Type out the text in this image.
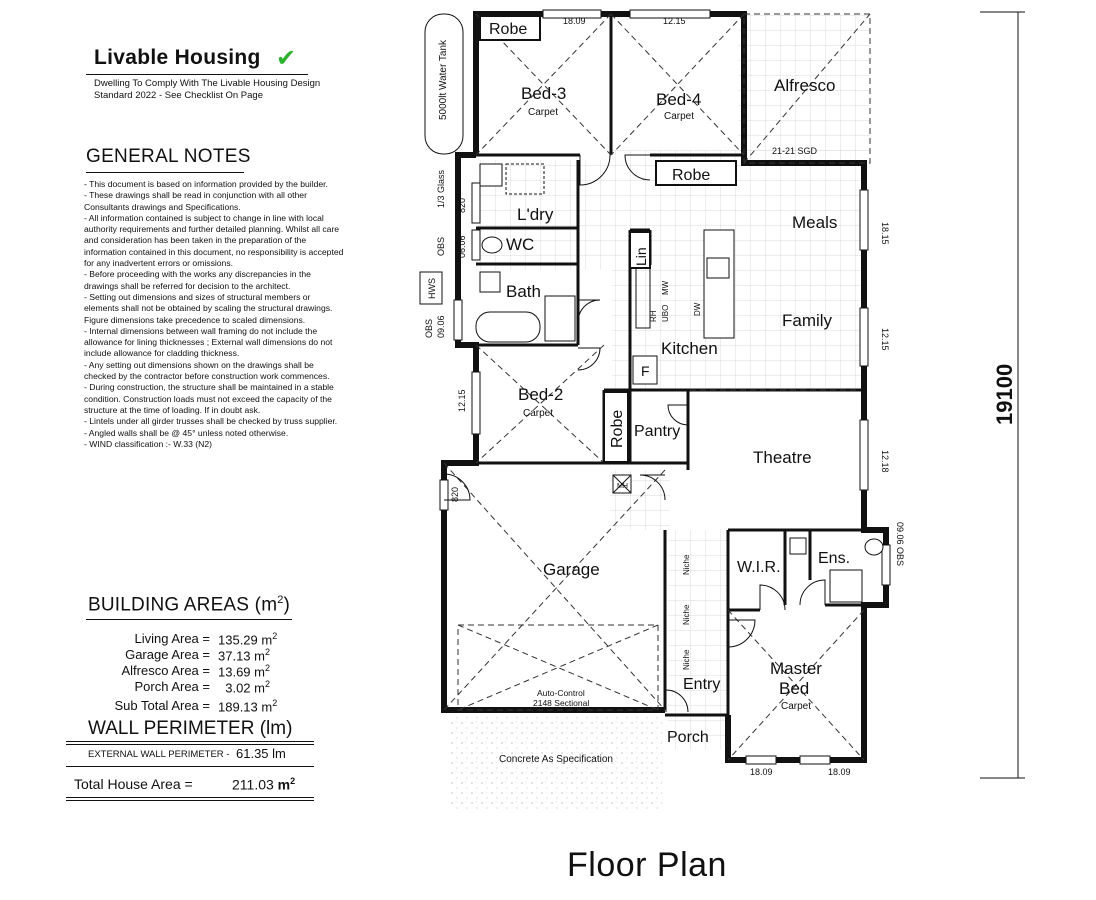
Livable Housing ✔
Dwelling To Comply With The Livable Housing Design Standard 2022 - See Checklist On Page
GENERAL NOTES
- This document is based on information provided by the builder.
- These drawings shall be read in conjunction with all other Consultants drawings and Specifications.
- All information contained is subject to change in line with local authority requirements and further detailed planning. Whilst all care and consideration has been taken in the preparation of the information contained in this document, no responsibility is accepted for any inadvertent errors or omissions.
- Before proceeding with the works any discrepancies in the drawings shall be referred for decision to the architect.
- Setting out dimensions and sizes of structural members or elements shall not be obtained by scaling the structural drawings. Figure dimensions take precedence to scaled dimensions.
- Internal dimensions between wall framing do not include the allowance for lining thicknesses ; External wall dimensions do not include allowance for cladding thickness.
- Any setting out dimensions shown on the drawings shall be checked by the contractor before construction work commences.
- During construction, the structure shall be maintained in a stable condition. Construction loads must not exceed the capacity of the structure at the time of loading. If in doubt ask.
- Lintels under all girder trusses shall be checked by truss supplier.
- Angled walls shall be @ 45° unless noted otherwise.
- WIND classification :- W.33 (N2)
BUILDING AREAS $(m^2)$
Living Area = 135.29 $m^2$
Garage Area = 37.13 $m^2$
Alfresco Area = 13.69 $m^2$
Porch Area =	3.02 $m^2$
Sub Total Area = 189.13 $m^2$
WALL PERIMETER (lm)
EXTERNAL WALL PERIMETER - 61.35 lm
Total House Area =	211.03 $m^2$
Robe
Bed-3
Carpet
Bed-4
Carpet
Robe
Alfresco
5000lt Water Tank
L'dry
WC
Bath
Lin
Meals
Family
Kitchen
F
Bed-2
Carpet	Robe Pantry
Theatre
Garage	W.I.R.
Ens.
Master
Bed
Carpet
Entry
Porch
Concrete As Specification
Auto-Control
2148 Sectional
HWS
Niche
Niche
Niche
18.09	12.15
21-21 SGD
18.15
12.15
12.18
09.06 OBS
12.15
820
1/3 Glass
06.06
OBS
09.06
OBS
820
18.09	18.09
MW
UBO
RH
DW
MH
19100
Floor Plan
